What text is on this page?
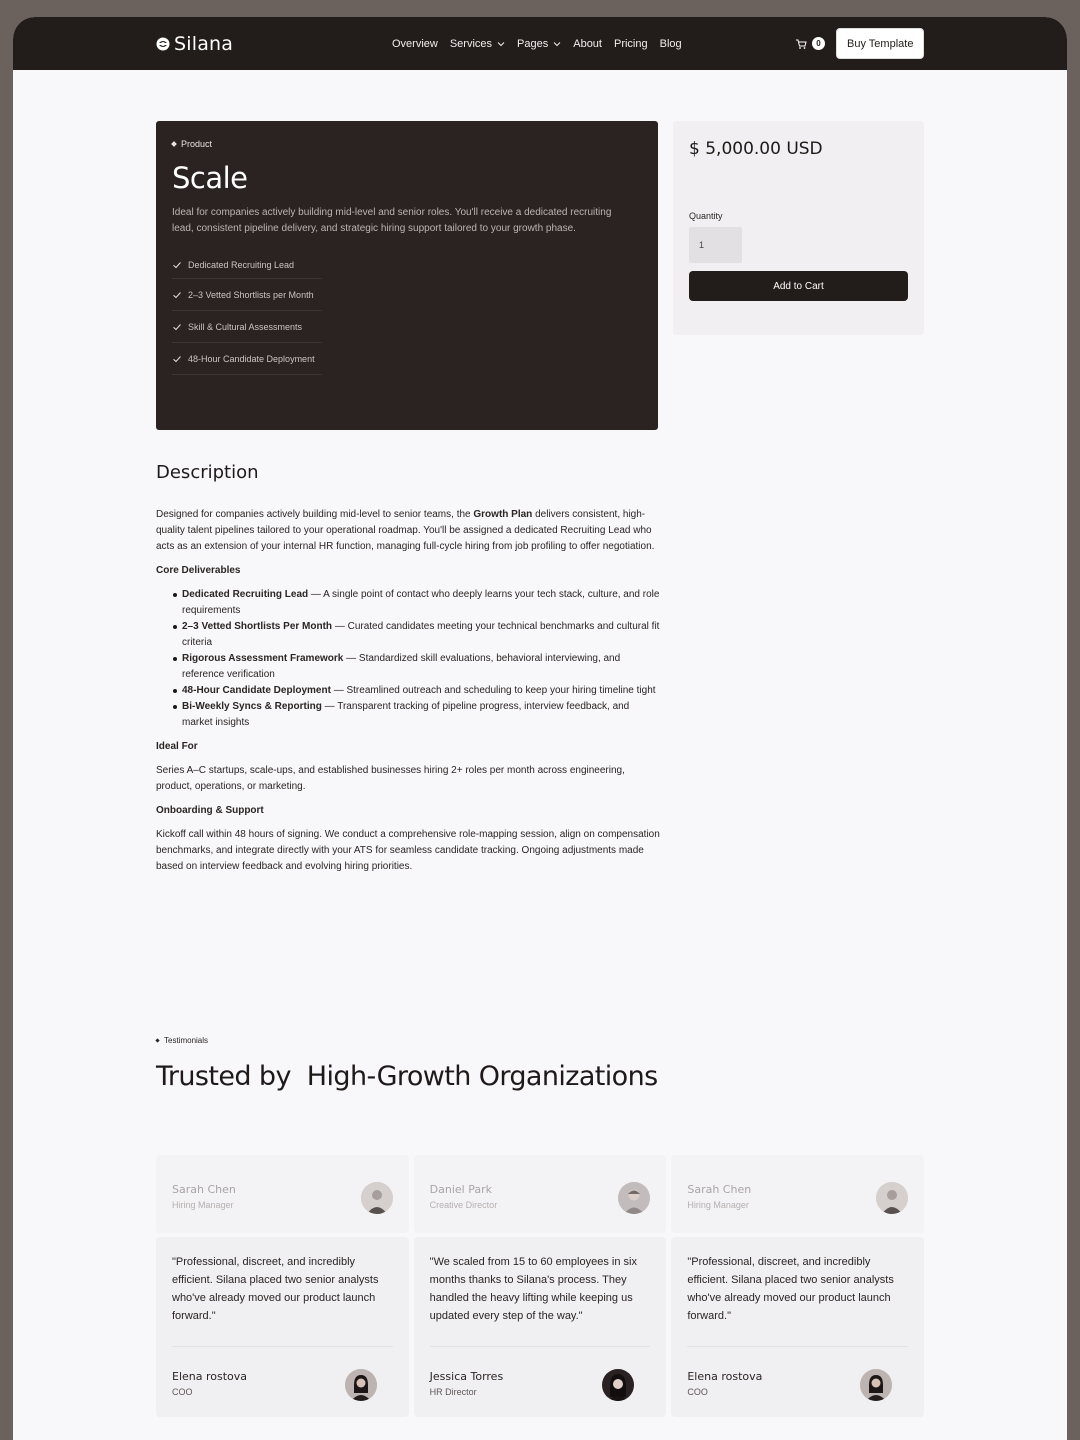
Silana	Overview Services Pages About Pricing Blog	0	Buy Template
Product
Scale

Ideal for companies actively building mid-level and senior roles. You'll receive a dedicated recruiting lead, consistent pipeline delivery, and strategic hiring support tailored to your growth phase.

Dedicated Recruiting Lead
2–3 Vetted Shortlists per Month
Skill & Cultural Assessments
48-Hour Candidate Deployment
$ 5,000.00 USD
Quantity
1
Add to Cart
Description

Designed for companies actively building mid-level to senior teams, the Growth Plan delivers consistent, high-quality talent pipelines tailored to your operational roadmap. You'll be assigned a dedicated Recruiting Lead who acts as an extension of your internal HR function, managing full-cycle hiring from job profiling to offer negotiation.

Core Deliverables
Dedicated Recruiting Lead — A single point of contact who deeply learns your tech stack, culture, and role requirements
2–3 Vetted Shortlists Per Month — Curated candidates meeting your technical benchmarks and cultural fit criteria
Rigorous Assessment Framework — Standardized skill evaluations, behavioral interviewing, and reference verification
48-Hour Candidate Deployment — Streamlined outreach and scheduling to keep your hiring timeline tight
Bi-Weekly Syncs & Reporting — Transparent tracking of pipeline progress, interview feedback, and market insights
Ideal For

Series A–C startups, scale-ups, and established businesses hiring 2+ roles per month across engineering, product, operations, or marketing.

Onboarding & Support

Kickoff call within 48 hours of signing. We conduct a comprehensive role-mapping session, align on compensation benchmarks, and integrate directly with your ATS for seamless candidate tracking. Ongoing adjustments made based on interview feedback and evolving hiring priorities.

Testimonials
Trusted by  High-Growth Organizations
Sarah Chen
Hiring Manager
"Professional, discreet, and incredibly efficient. Silana placed two senior analysts who've already moved our product launch forward."
Elena rostova
COO
Daniel Park
Creative Director
"We scaled from 15 to 60 employees in six months thanks to Silana's process. They handled the heavy lifting while keeping us updated every step of the way."
Jessica Torres
HR Director
Sarah Chen
Hiring Manager
"Professional, discreet, and incredibly efficient. Silana placed two senior analysts who've already moved our product launch forward."
Elena rostova
COO
